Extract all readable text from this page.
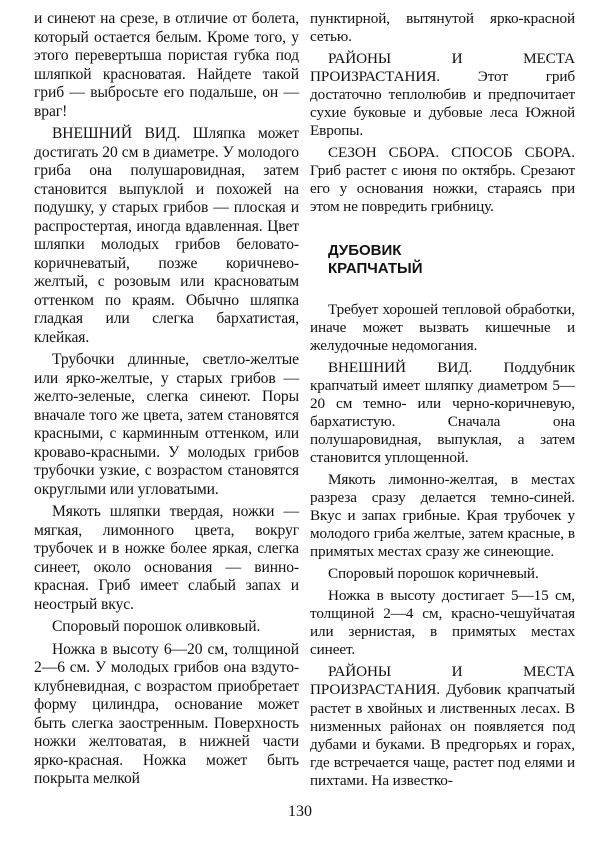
и синеют на срезе, в отличие от болета, который остается белым. Кроме того, у этого перевертыша пористая губка под шляпкой красноватая. Найдете такой гриб — выбросьте его подальше, он — враг!

ВНЕШНИЙ ВИД. Шляпка может достигать 20 см в диаметре. У молодого гриба она полушаровидная, затем становится выпуклой и похожей на подушку, у старых грибов — плоская и распростертая, иногда вдавленная. Цвет шляпки молодых грибов беловато-коричневатый, позже коричнево-желтый, с розовым или красноватым оттенком по краям. Обычно шляпка гладкая или слегка бархатистая, клейкая.

Трубочки длинные, светло-желтые или ярко-желтые, у старых грибов — желто-зеленые, слегка синеют. Поры вначале того же цвета, затем становятся красными, с карминным оттенком, или кроваво-красными. У молодых грибов трубочки узкие, с возрастом становятся округлыми или угловатыми.

Мякоть шляпки твердая, ножки — мягкая, лимонного цвета, вокруг трубочек и в ножке более яркая, слегка синеет, около основания — винно-красная. Гриб имеет слабый запах и неострый вкус.

Споровый порошок оливковый.

Ножка в высоту 6—20 см, толщиной 2—6 см. У молодых грибов она вздуто-клубневидная, с возрастом приобретает форму цилиндра, основание может быть слегка заостренным. Поверхность ножки желтоватая, в нижней части ярко-красная. Ножка может быть покрыта мелкой

пунктирной, вытянутой ярко-красной сетью.

РАЙОНЫ И МЕСТА ПРОИЗРАСТАНИЯ. Этот гриб достаточно теплолюбив и предпочитает сухие буковые и дубовые леса Южной Европы.

СЕЗОН СБОРА. СПОСОБ СБОРА. Гриб растет с июня по октябрь. Срезают его у основания ножки, стараясь при этом не повредить грибницу.

ДУБОВИК
КРАПЧАТЫЙ

Требует хорошей тепловой обработки, иначе может вызвать кишечные и желудочные недомогания.

ВНЕШНИЙ ВИД. Поддубник крапчатый имеет шляпку диаметром 5—20 см темно- или черно-коричневую, бархатистую. Сначала она полушаровидная, выпуклая, а затем становится уплощенной.

Мякоть лимонно-желтая, в местах разреза сразу делается темно-синей. Вкус и запах грибные. Края трубочек у молодого гриба желтые, затем красные, в примятых местах сразу же синеющие.

Споровый порошок коричневый.

Ножка в высоту достигает 5—15 см, толщиной 2—4 см, красно-чешуйчатая или зернистая, в примятых местах синеет.

РАЙОНЫ И МЕСТА ПРОИЗРАСТАНИЯ. Дубовик крапчатый растет в хвойных и лиственных лесах. В низменных районах он появляется под дубами и буками. В предгорьях и горах, где встречается чаще, растет под елями и пихтами. На известко-

130
